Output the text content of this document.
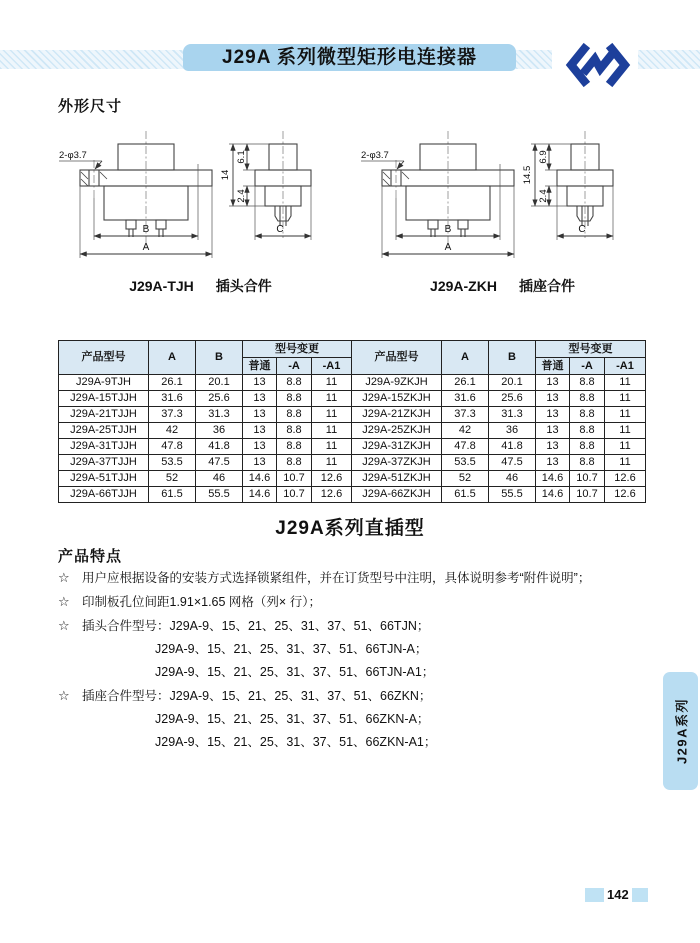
J29A 系列微型矩形电连接器
外形尺寸
2-φ3.7
B
A
C
14
6.1
2.4
2-φ3.7
B
A
C
14.5
6.9
2.4
J29A-TJH 插头合件	J29A-ZKH 插座合件
产品型号	A	B	型号变更			产品型号	A	B	型号变更		
			普通	-A	-A1				普通	-A	-A1
J29A-9TJH	26.1	20.1	13	8.8	11	J29A-9ZKJH	26.1	20.1	13	8.8	11
J29A-15TJJH	31.6	25.6	13	8.8	11	J29A-15ZKJH	31.6	25.6	13	8.8	11
J29A-21TJJH	37.3	31.3	13	8.8	11	J29A-21ZKJH	37.3	31.3	13	8.8	11
J29A-25TJJH	42	36	13	8.8	11	J29A-25ZKJH	42	36	13	8.8	11
J29A-31TJJH	47.8	41.8	13	8.8	11	J29A-31ZKJH	47.8	41.8	13	8.8	11
J29A-37TJJH	53.5	47.5	13	8.8	11	J29A-37ZKJH	53.5	47.5	13	8.8	11
J29A-51TJJH	52	46	14.6	10.7	12.6	J29A-51ZKJH	52	46	14.6	10.7	12.6
J29A-66TJJH	61.5	55.5	14.6	10.7	12.6	J29A-66ZKJH	61.5	55.5	14.6	10.7	12.6
J29A系列直插型
产品特点
☆ 用户应根据设备的安装方式选择锁紧组件，并在订货型号中注明，具体说明参考“附件说明”；
☆ 印制板孔位间距1.91×1.65 网格（列× 行）；
☆ 插头合件型号：J29A-9、15、21、25、31、37、51、66TJN；
J29A-9、15、21、25、31、37、51、66TJN-A；
J29A-9、15、21、25、31、37、51、66TJN-A1；
☆ 插座合件型号：J29A-9、15、21、25、31、37、51、66ZKN；
J29A-9、15、21、25、31、37、51、66ZKN-A；
J29A-9、15、21、25、31、37、51、66ZKN-A1；	J29A系列
142
